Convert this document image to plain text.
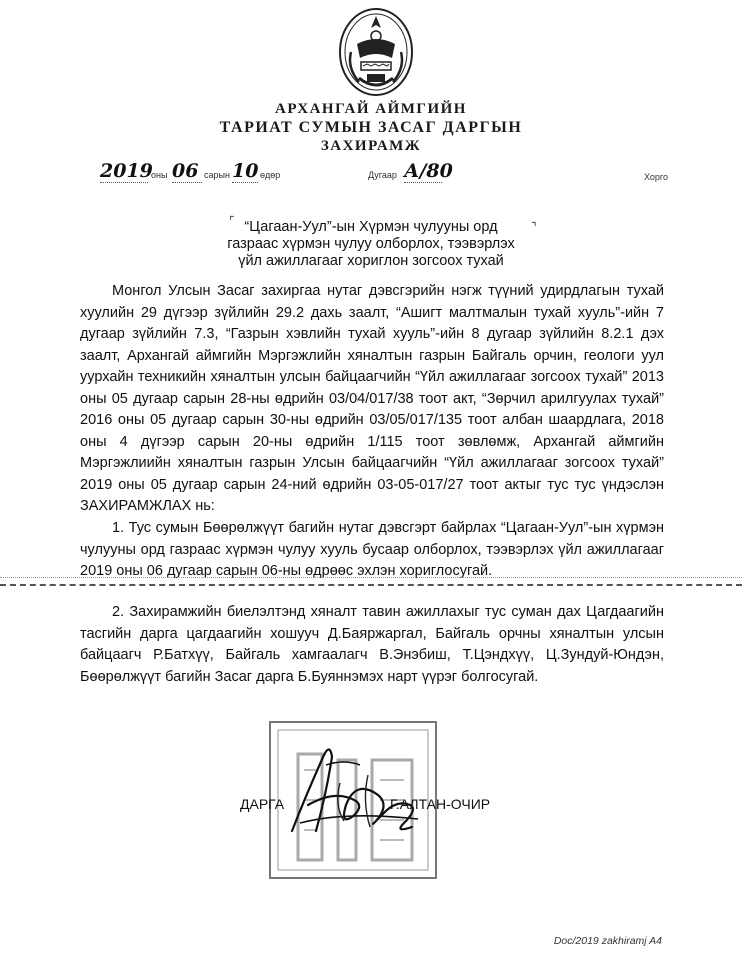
АРХАНГАЙ АЙМГИЙН
ТАРИАТ СУМЫН ЗАСАГ ДАРГЫН
ЗАХИРАМЖ
2019
оны 06 сарын 10 өдөр	Дугаар А/80	Хорго
⌜	⌝
“Цагаан-Уул”-ын Хүрмэн чулууны орд
газраас хүрмэн чулуу олборлох, тээвэрлэх
үйл ажиллагааг хориглон зогсоох тухай
Монгол Улсын Засаг захиргаа нутаг дэвсгэрийн нэгж түүний удирдлагын тухай хуулийн 29 дүгээр зүйлийн 29.2 дахь заалт, “Ашигт малтмалын тухай хууль”-ийн 7 дугаар зүйлийн 7.3, “Газрын хэвлийн тухай хууль”-ийн 8 дугаар зүйлийн 8.2.1 дэх заалт, Архангай аймгийн Мэргэжлийн хяналтын газрын Байгаль орчин, геологи уул уурхайн техникийн хяналтын улсын байцаагчийн “Үйл ажиллагааг зогсоох тухай” 2013 оны 05 дугаар сарын 28-ны өдрийн 03/04/017/38 тоот акт, “Зөрчил арилгуулах тухай” 2016 оны 05 дугаар сарын 30-ны өдрийн 03/05/017/135 тоот албан шаардлага, 2018 оны 4 дүгээр сарын 20-ны өдрийн 1/115 тоот зөвлөмж, Архангай аймгийн Мэргэжлиийн хяналтын газрын Улсын байцаагчийн “Үйл ажиллагааг зогсоох тухай” 2019 оны 05 дугаар сарын 24-ний өдрийн 03-05-017/27 тоот актыг тус тус үндэслэн ЗАХИРАМЖЛАХ нь:
1. Тус сумын Бөөрөлжүүт багийн нутаг дэвсгэрт байрлах “Цагаан-Уул”-ын хүрмэн чулууны орд газраас хүрмэн чулуу хууль бусаар олборлох, тээвэрлэх үйл ажиллагааг 2019 оны 06 дугаар сарын 06-ны өдрөөс эхлэн хориглосугай.
2. Захирамжийн биелэлтэнд хяналт тавин ажиллахыг тус суман дах Цагдаагийн тасгийн дарга цагдаагийн хошууч Д.Баяржаргал, Байгаль орчны хяналтын улсын байцаагч Р.Батхүү, Байгаль хамгаалагч В.Энэбиш, Т.Цэндхүү, Ц.Зундуй-Юндэн, Бөөрөлжүүт багийн Засаг дарга Б.Буяннэмэх нарт үүрэг болгосугай.
ДАРГА	Г.АЛТАН-ОЧИР
Doc/2019 zakhiramj A4
